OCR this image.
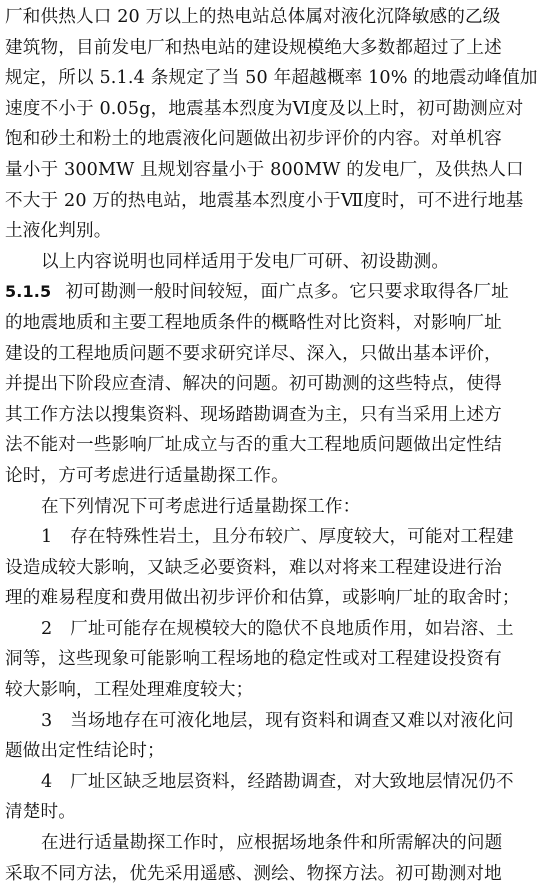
厂和供热人口 20 万以上的热电站总体属对液化沉降敏感的乙级
建筑物，目前发电厂和热电站的建设规模绝大多数都超过了上述
规定，所以 5.1.4 条规定了当 50 年超越概率 10% 的地震动峰值加
速度不小于 0.05g，地震基本烈度为Ⅵ度及以上时，初可勘测应对
饱和砂土和粉土的地震液化问题做出初步评价的内容。对单机容
量小于 300MW 且规划容量小于 800MW 的发电厂，及供热人口
不大于 20 万的热电站，地震基本烈度小于Ⅶ度时，可不进行地基
土液化判别。
以上内容说明也同样适用于发电厂可研、初设勘测。
5.1.5 初可勘测一般时间较短，面广点多。它只要求取得各厂址
的地震地质和主要工程地质条件的概略性对比资料，对影响厂址
建设的工程地质问题不要求研究详尽、深入，只做出基本评价，
并提出下阶段应查清、解决的问题。初可勘测的这些特点，使得
其工作方法以搜集资料、现场踏勘调查为主，只有当采用上述方
法不能对一些影响厂址成立与否的重大工程地质问题做出定性结
论时，方可考虑进行适量勘探工作。
在下列情况下可考虑进行适量勘探工作：
1　存在特殊性岩土，且分布较广、厚度较大，可能对工程建
设造成较大影响，又缺乏必要资料，难以对将来工程建设进行治
理的难易程度和费用做出初步评价和估算，或影响厂址的取舍时；
2　厂址可能存在规模较大的隐伏不良地质作用，如岩溶、土
洞等，这些现象可能影响工程场地的稳定性或对工程建设投资有
较大影响，工程处理难度较大；
3　当场地存在可液化地层，现有资料和调查又难以对液化问
题做出定性结论时；
4　厂址区缺乏地层资料，经踏勘调查，对大致地层情况仍不
清楚时。
在进行适量勘探工作时，应根据场地条件和所需解决的问题
采取不同方法，优先采用遥感、测绘、物探方法。初可勘测对地
